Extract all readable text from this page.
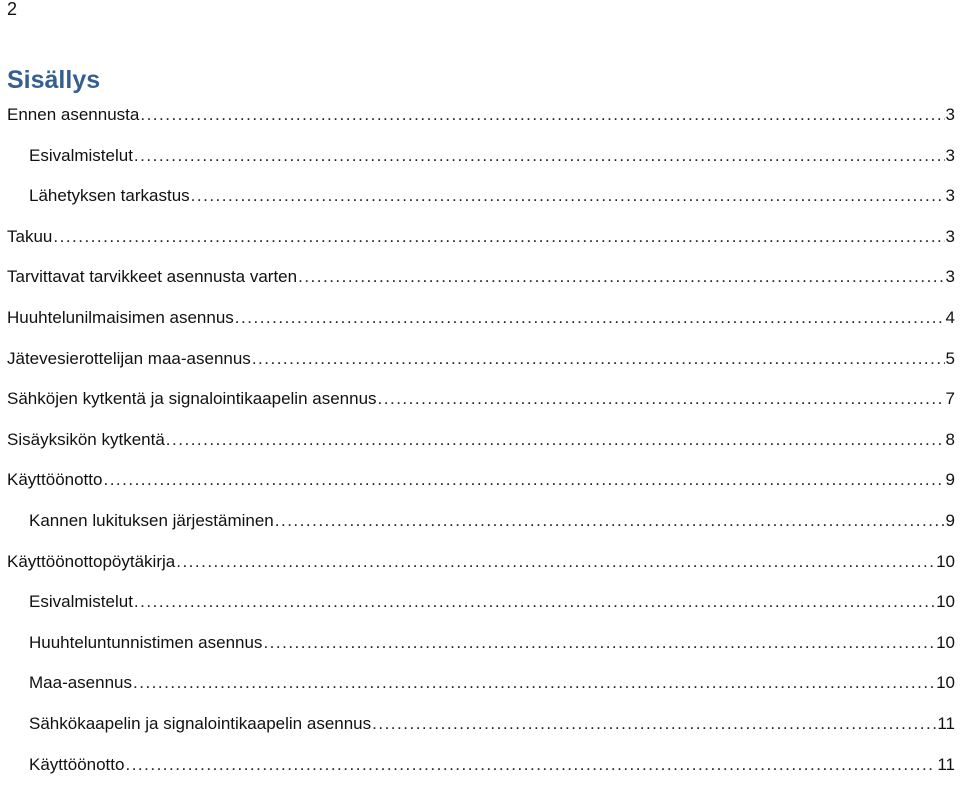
2
Sisällys
Ennen asennusta .....	3
Esivalmistelut .....	3
Lähetyksen tarkastus .....	3
Takuu .....	3
Tarvittavat tarvikkeet asennusta varten .....	3
Huuhtelunilmaisimen asennus .....	4
Jätevesierottelijan maa-asennus .....	5
Sähköjen kytkentä ja signalointikaapelin asennus .....	7
Sisäyksikön kytkentä .....	8
Käyttöönotto .....	9
Kannen lukituksen järjestäminen .....	9
Käyttöönottopöytäkirja .....	10
Esivalmistelut .....	10
Huuhteluntunnistimen asennus .....	10
Maa-asennus .....	10
Sähkökaapelin ja signalointikaapelin asennus .....	11
Käyttöönotto .....	11
